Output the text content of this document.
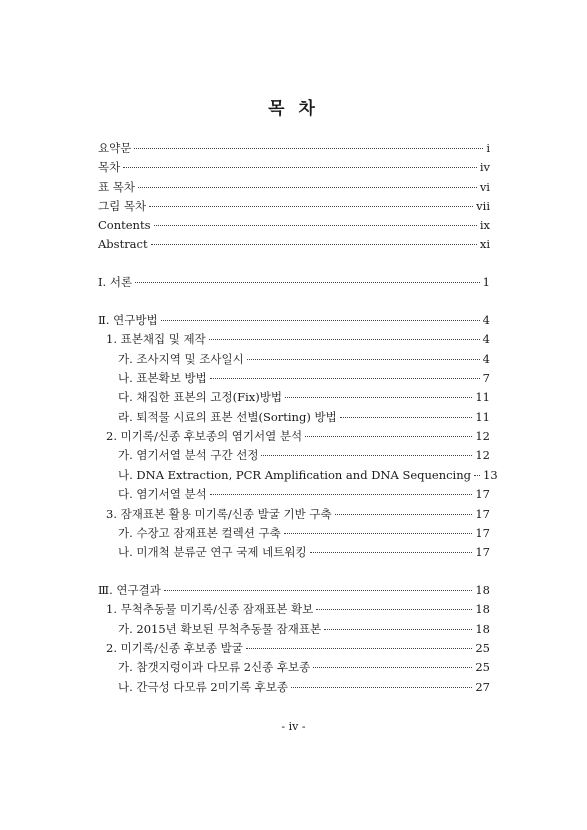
목 차
요약문	i
목차	iv
표 목차	vi
그림 목차	vii
Contents	ix
Abstract	xi
Ⅰ. 서론	1
Ⅱ. 연구방법	4
1. 표본채집 및 제작	4
가. 조사지역 및 조사일시	4
나. 표본확보 방법	7
다. 채집한 표본의 고정(Fix)방법	11
라. 퇴적물 시료의 표본 선별(Sorting) 방법	11
2. 미기록/신종 후보종의 염기서열 분석	12
가. 염기서열 분석 구간 선정	12
나. DNA Extraction, PCR Amplification and DNA Sequencing 13
다. 염기서열 분석	17
3. 잠재표본 활용 미기록/신종 발굴 기반 구축	17
가. 수장고 잠재표본 컬렉션 구축	17
나. 미개척 분류군 연구 국제 네트워킹	17
Ⅲ. 연구결과	18
1. 무척추동물 미기록/신종 잠재표본 확보	18
가. 2015년 확보된 무척추동물 잠재표본	18
2. 미기록/신종 후보종 발굴	25
가. 참갯지렁이과 다모류 2신종 후보종	25
나. 간극성 다모류 2미기록 후보종	27
- iv -
